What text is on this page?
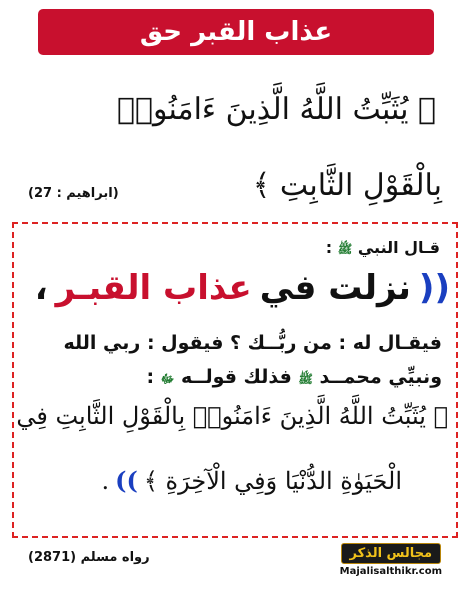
عذاب القبر حق
﴿ يُثَبِّتُ اللَّهُ الَّذِينَ ءَامَنُوا۟
بِالْقَوْلِ الثَّابِتِ ﴾
(ابراهيم : 27)
قـال النبي ﷺ :
((
نزلت في
عذاب القبـر
،
فيقـال له : من ربُّــك ؟ فيقول : ربي الله
ونبيِّي محمــد ﷺ فذلك قولــه ﷻ :
﴿ يُثَبِّتُ اللَّهُ الَّذِينَ ءَامَنُوا۟ بِالْقَوْلِ الثَّابِتِ فِي
الْحَيَوٰةِ الدُّنْيَا وَفِي الْآخِرَةِ ﴾
))
.
رواه مسلم (2871)	مجالس الذكر
Majalisalthikr.com
